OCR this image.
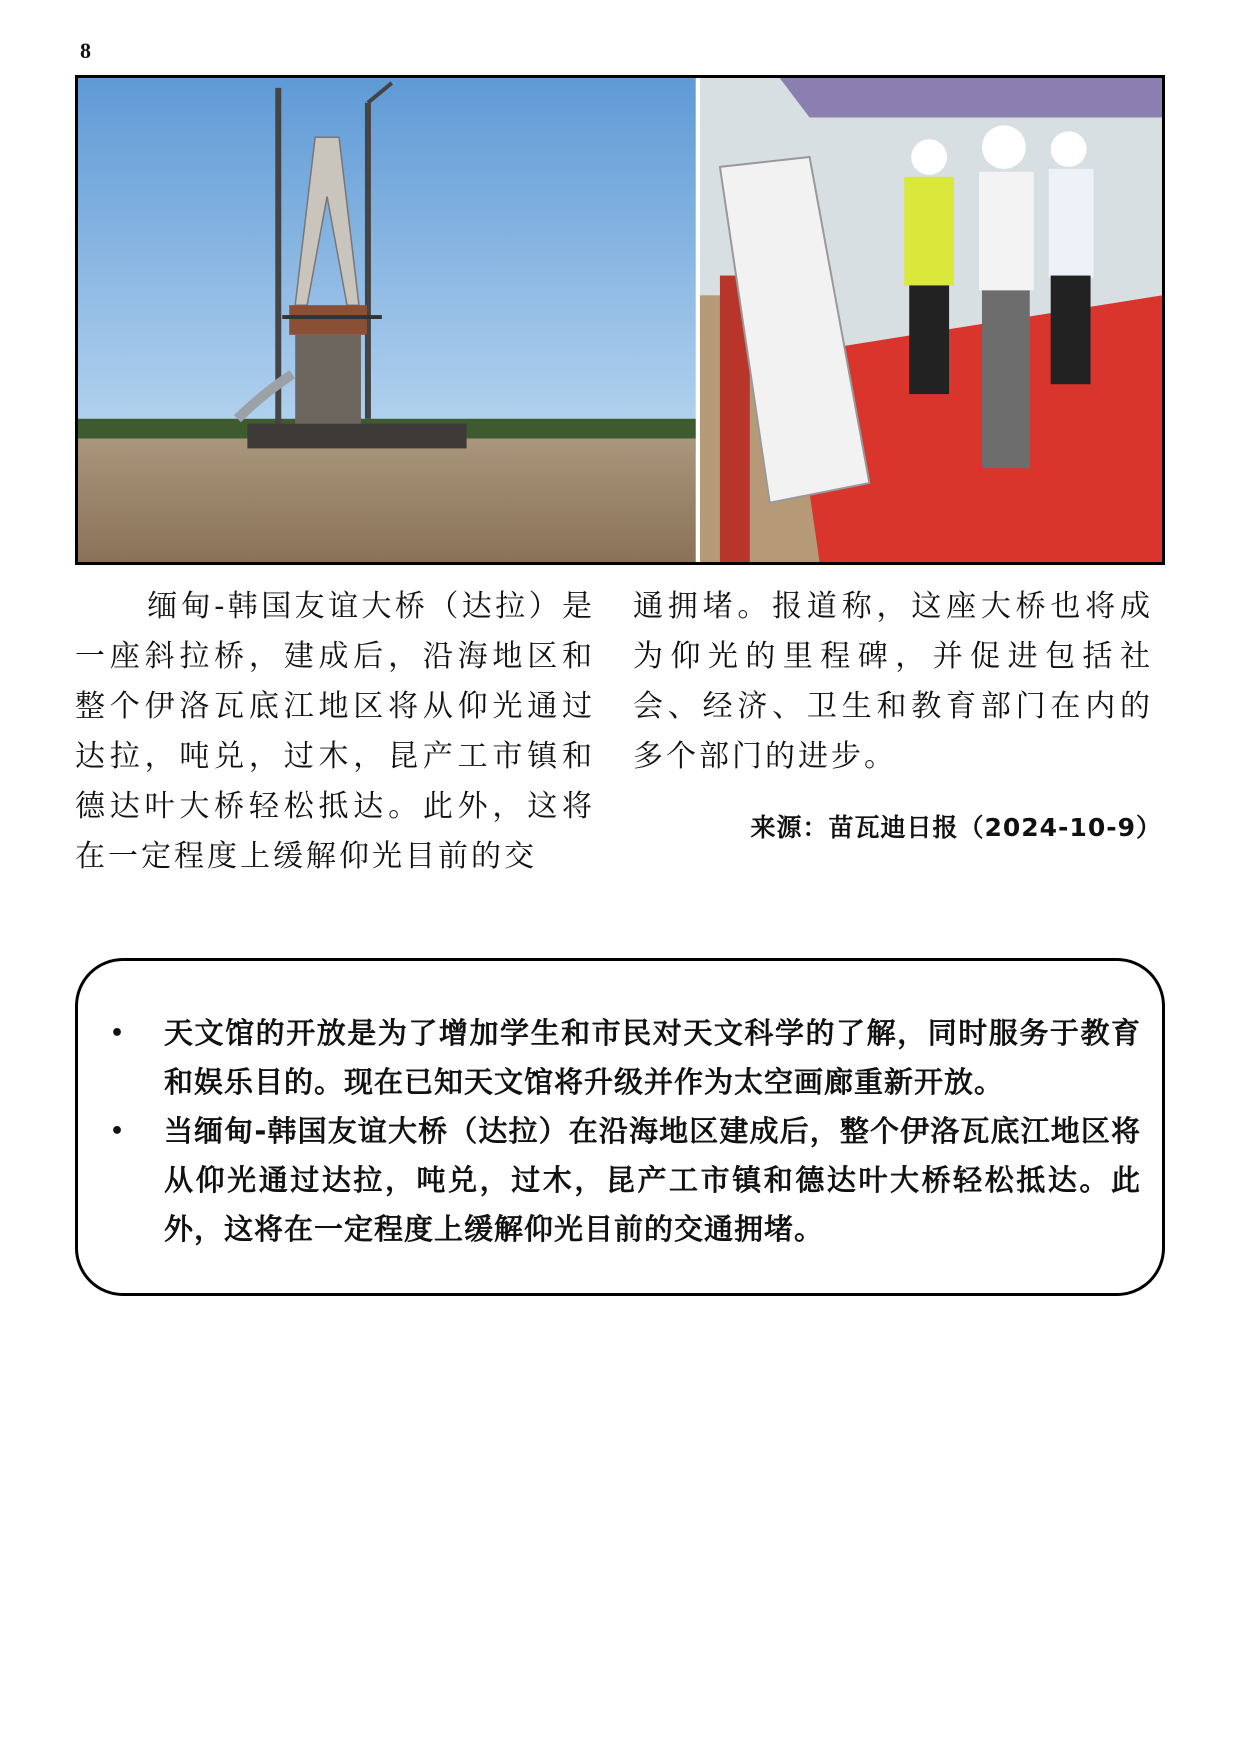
8
缅甸-韩国友谊大桥（达拉）是一座斜拉桥，建成后，沿海地区和整个伊洛瓦底江地区将从仰光通过达拉，吨兑，过木，昆产工市镇和德达叶大桥轻松抵达。此外，这将在一定程度上缓解仰光目前的交
通拥堵。报道称，这座大桥也将成为仰光的里程碑，并促进包括社会、经济、卫生和教育部门在内的多个部门的进步。
来源：苗瓦迪日报（2024-10-9）
• 天文馆的开放是为了增加学生和市民对天文科学的了解，同时服务于教育和娱乐目的。现在已知天文馆将升级并作为太空画廊重新开放。
• 当缅甸-韩国友谊大桥（达拉）在沿海地区建成后，整个伊洛瓦底江地区将从仰光通过达拉，吨兑，过木，昆产工市镇和德达叶大桥轻松抵达。此外，这将在一定程度上缓解仰光目前的交通拥堵。
